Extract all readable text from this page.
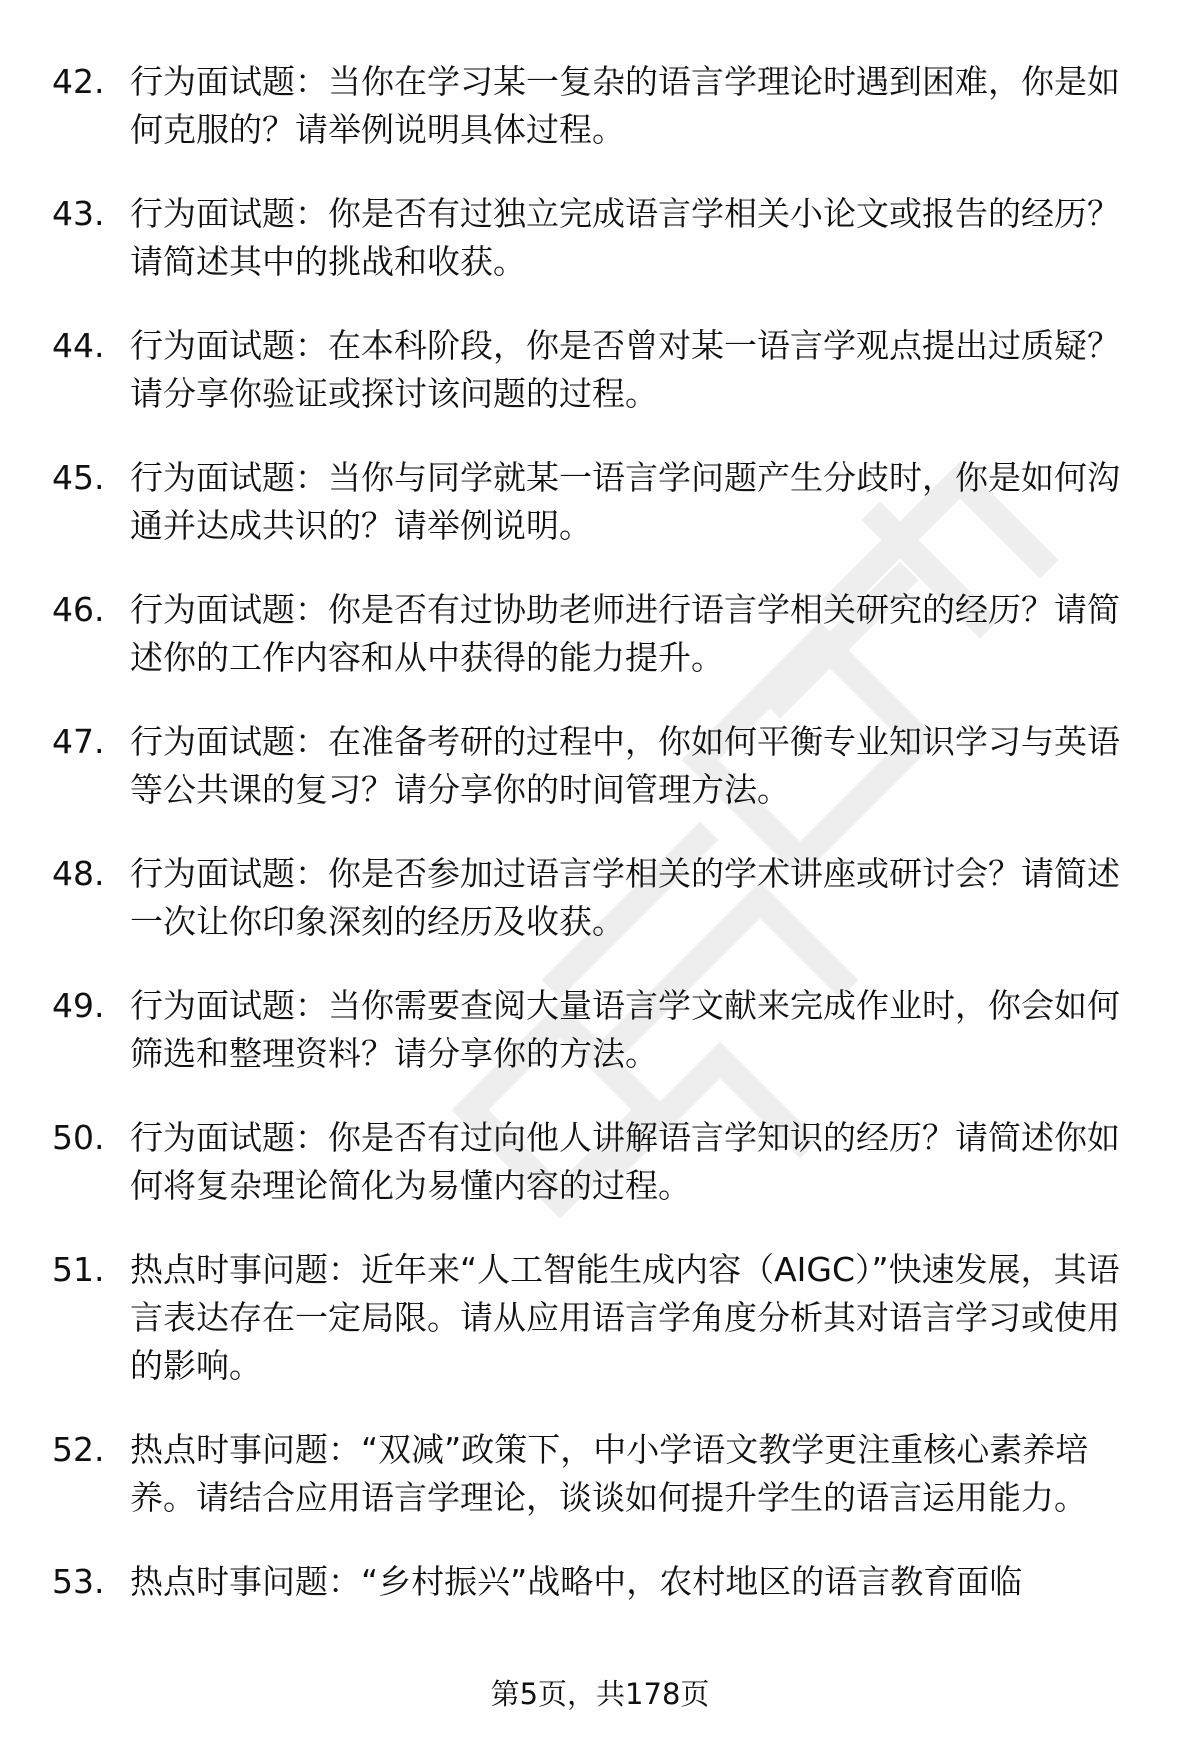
42. 行为面试题：当你在学习某一复杂的语言学理论时遇到困难，你是如何克服的？请举例说明具体过程。
43. 行为面试题：你是否有过独立完成语言学相关小论文或报告的经历？请简述其中的挑战和收获。
44. 行为面试题：在本科阶段，你是否曾对某一语言学观点提出过质疑？请分享你验证或探讨该问题的过程。
45. 行为面试题：当你与同学就某一语言学问题产生分歧时，你是如何沟通并达成共识的？请举例说明。
46. 行为面试题：你是否有过协助老师进行语言学相关研究的经历？请简述你的工作内容和从中获得的能力提升。
47. 行为面试题：在准备考研的过程中，你如何平衡专业知识学习与英语等公共课的复习？请分享你的时间管理方法。
48. 行为面试题：你是否参加过语言学相关的学术讲座或研讨会？请简述一次让你印象深刻的经历及收获。
49. 行为面试题：当你需要查阅大量语言学文献来完成作业时，你会如何筛选和整理资料？请分享你的方法。
50. 行为面试题：你是否有过向他人讲解语言学知识的经历？请简述你如何将复杂理论简化为易懂内容的过程。
51. 热点时事问题：近年来“人工智能生成内容（AIGC）”快速发展，其语言表达存在一定局限。请从应用语言学角度分析其对语言学习或使用的影响。
52. 热点时事问题：“双减”政策下，中小学语文教学更注重核心素养培养。请结合应用语言学理论，谈谈如何提升学生的语言运用能力。
53. 热点时事问题：“乡村振兴”战略中，农村地区的语言教育面临
第5页，共178页
